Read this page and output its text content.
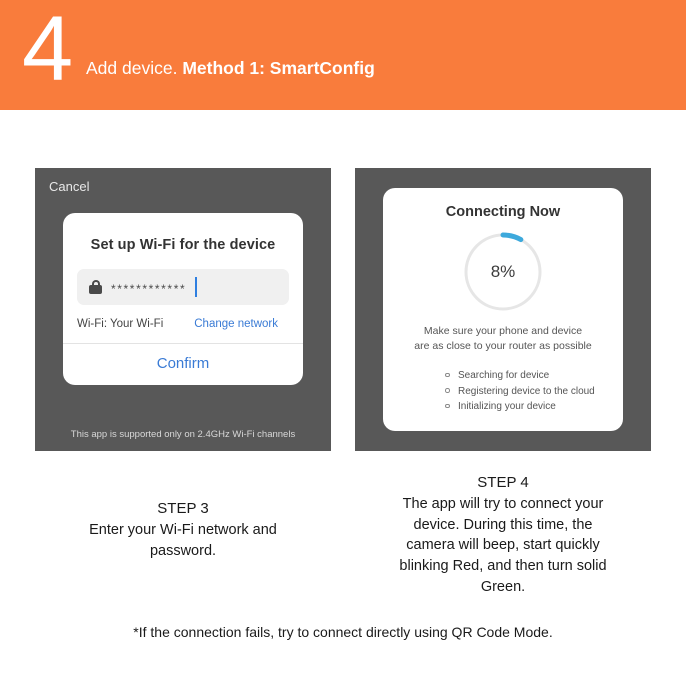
4 Add device. Method 1: SmartConfig
Cancel
Set up Wi-Fi for the device
************
Wi-Fi: Your Wi-Fi	Change network
Confirm
This app is supported only on 2.4GHz Wi-Fi channels
Connecting Now
8%
Make sure your phone and device
are as close to your router as possible
Searching for device
Registering device to the cloud
Initializing your device
STEP 3
Enter your Wi-Fi network and
password.
STEP 4
The app will try to connect your
device. During this time, the
camera will beep, start quickly
blinking Red, and then turn solid
Green.
*If the connection fails, try to connect directly using QR Code Mode.
